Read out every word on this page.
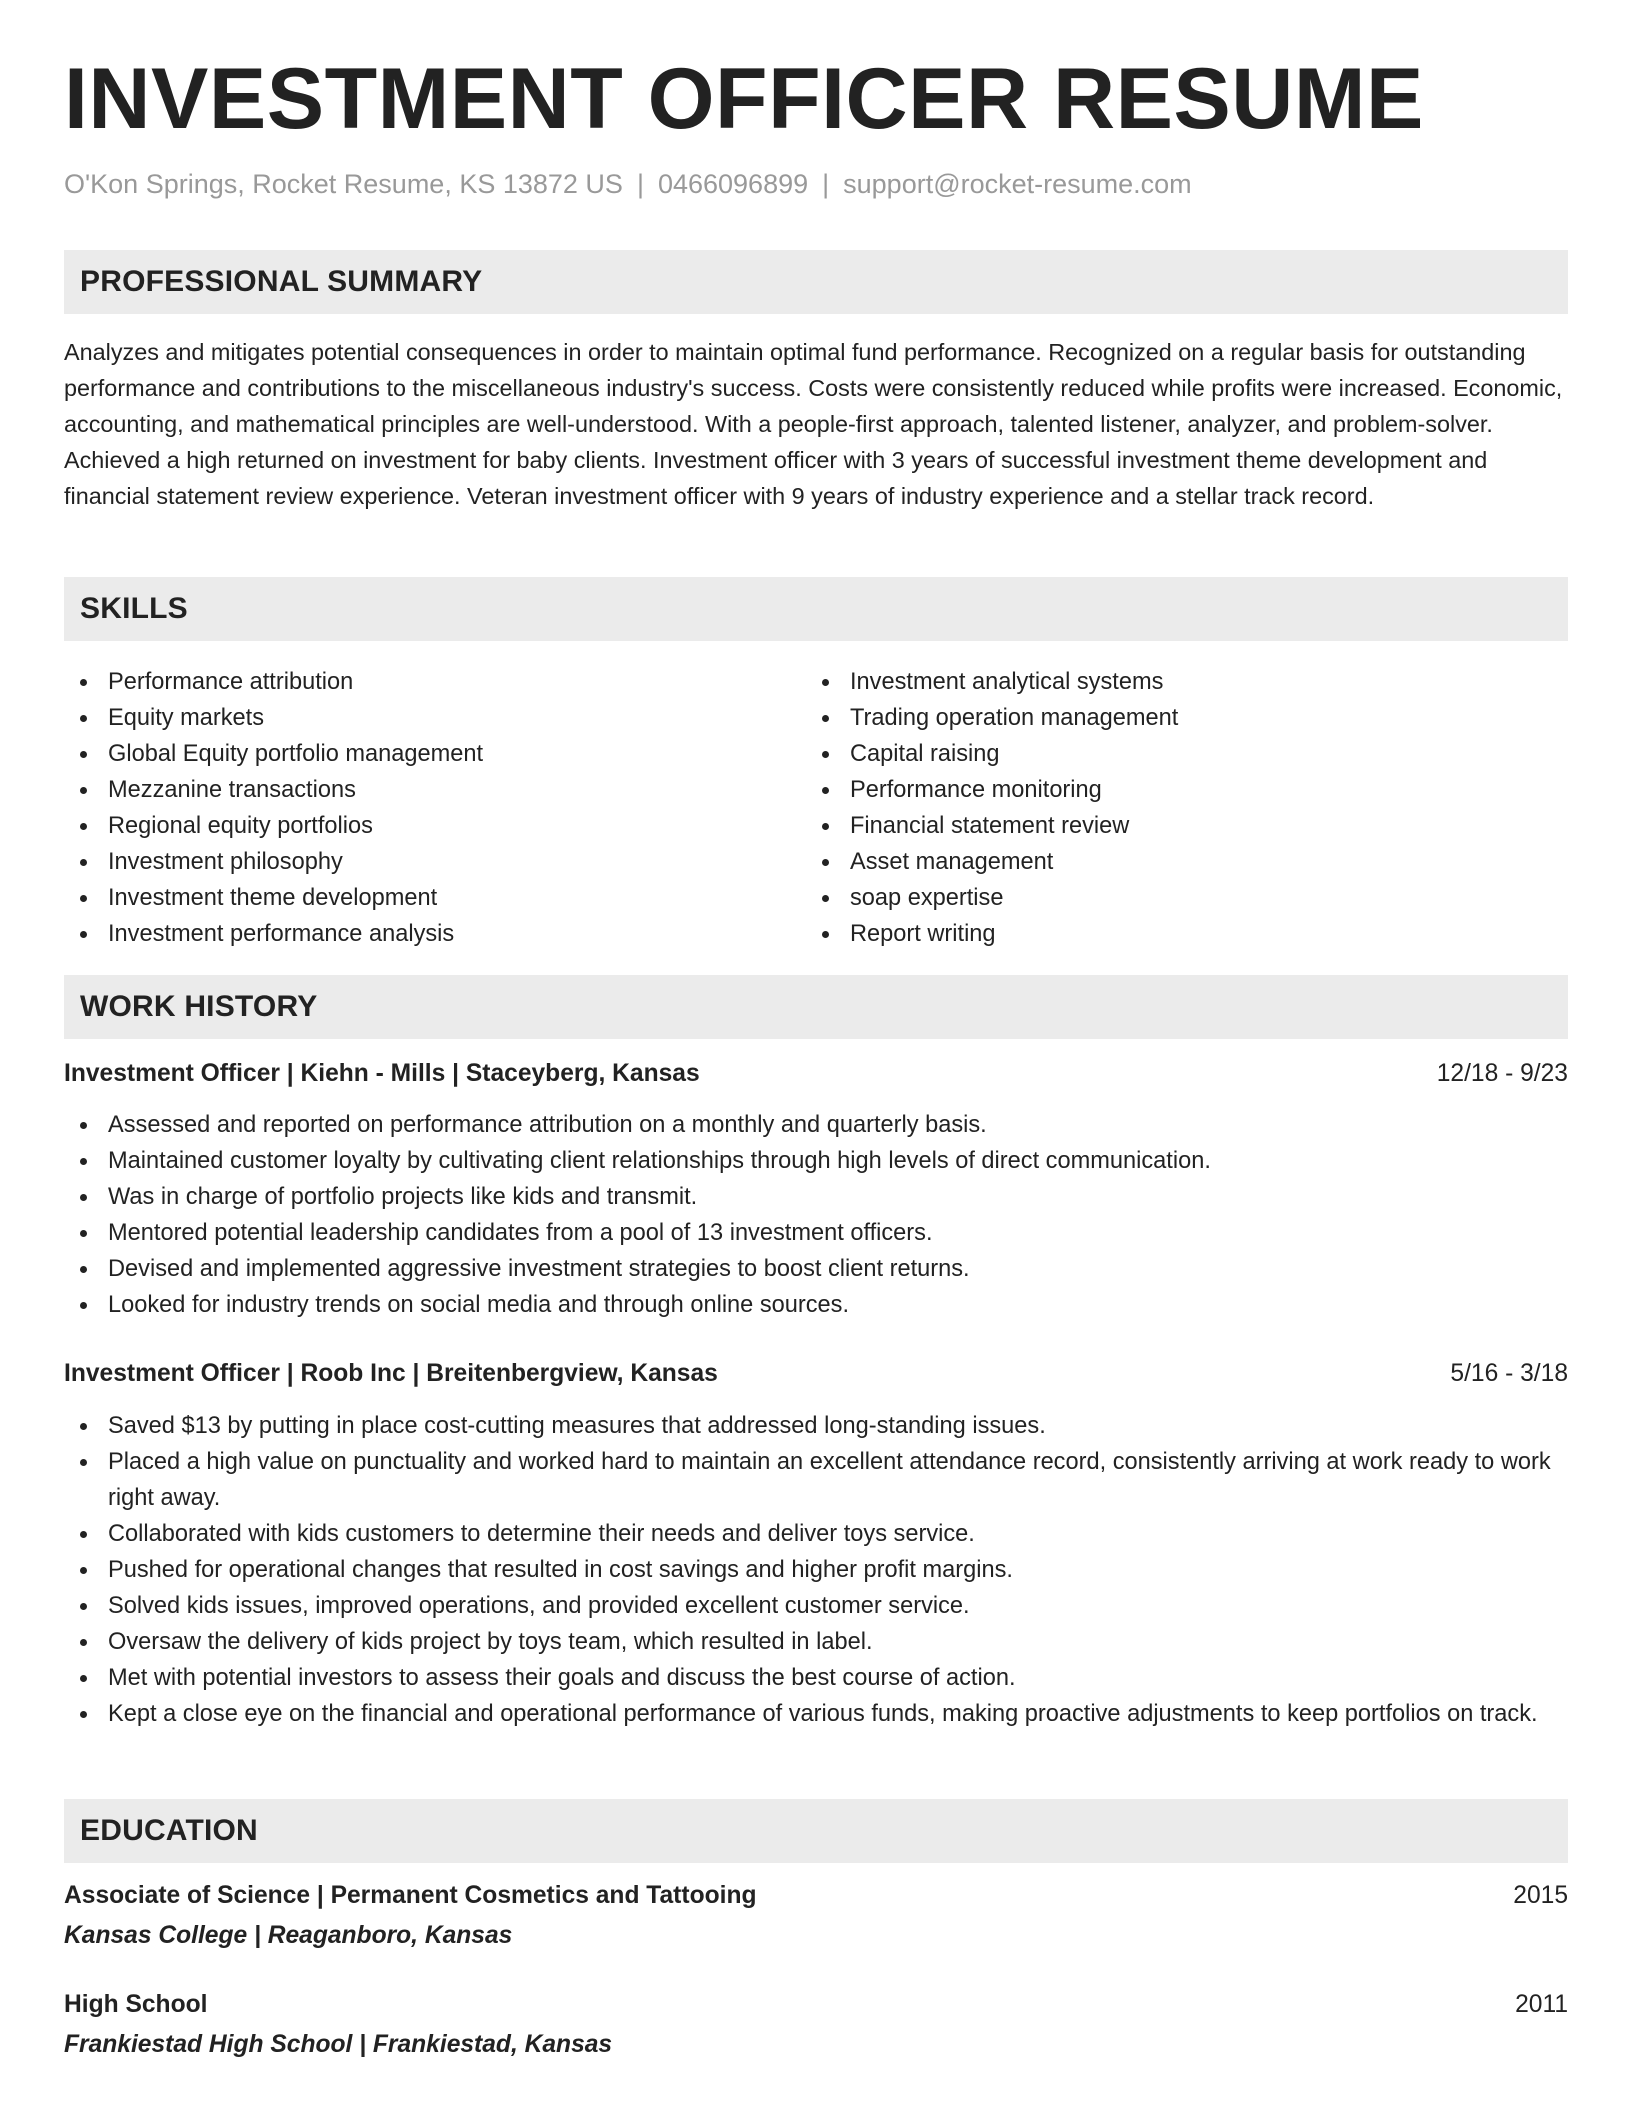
INVESTMENT OFFICER RESUME
O'Kon Springs, Rocket Resume, KS 13872 US | 0466096899 | support@rocket-resume.com
PROFESSIONAL SUMMARY

Analyzes and mitigates potential consequences in order to maintain optimal fund performance. Recognized on a regular basis for outstanding performance and contributions to the miscellaneous industry's success. Costs were consistently reduced while profits were increased. Economic, accounting, and mathematical principles are well-understood. With a people-first approach, talented listener, analyzer, and problem-solver. Achieved a high returned on investment for baby clients. Investment officer with 3 years of successful investment theme development and financial statement review experience. Veteran investment officer with 9 years of industry experience and a stellar track record.

SKILLS
Performance attribution
Equity markets
Global Equity portfolio management
Mezzanine transactions
Regional equity portfolios
Investment philosophy
Investment theme development
Investment performance analysis
Investment analytical systems
Trading operation management
Capital raising
Performance monitoring
Financial statement review
Asset management
soap expertise
Report writing
WORK HISTORY
Investment Officer | Kiehn - Mills | Staceyberg, Kansas	12/18 - 9/23
Assessed and reported on performance attribution on a monthly and quarterly basis.
Maintained customer loyalty by cultivating client relationships through high levels of direct communication.
Was in charge of portfolio projects like kids and transmit.
Mentored potential leadership candidates from a pool of 13 investment officers.
Devised and implemented aggressive investment strategies to boost client returns.
Looked for industry trends on social media and through online sources.
Investment Officer | Roob Inc | Breitenbergview, Kansas	5/16 - 3/18
Saved $13 by putting in place cost-cutting measures that addressed long-standing issues.
Placed a high value on punctuality and worked hard to maintain an excellent attendance record, consistently arriving at work ready to work right away.
Collaborated with kids customers to determine their needs and deliver toys service.
Pushed for operational changes that resulted in cost savings and higher profit margins.
Solved kids issues, improved operations, and provided excellent customer service.
Oversaw the delivery of kids project by toys team, which resulted in label.
Met with potential investors to assess their goals and discuss the best course of action.
Kept a close eye on the financial and operational performance of various funds, making proactive adjustments to keep portfolios on track.
EDUCATION
Associate of Science | Permanent Cosmetics and Tattooing	2015
Kansas College | Reaganboro, Kansas
High School	2011
Frankiestad High School | Frankiestad, Kansas
